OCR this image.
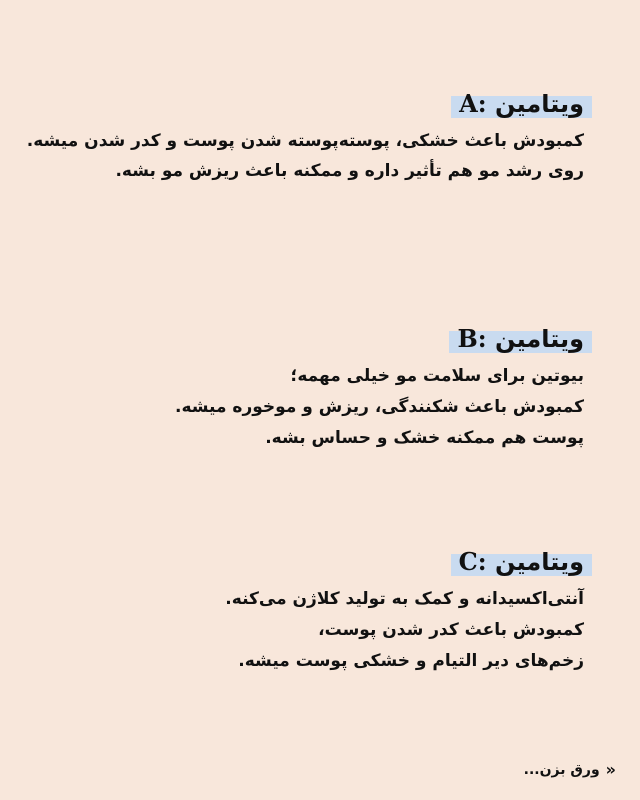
ویتامین A:
کمبودش باعث خشکی، پوسته‌پوسته شدن پوست و کدر شدن میشه.
روی رشد مو هم تأثیر داره و ممکنه باعث ریزش مو بشه.
ویتامین B:
بیوتین برای سلامت مو خیلی مهمه؛
کمبودش باعث شکنندگی، ریزش و موخوره میشه.
پوست هم ممکنه خشک و حساس بشه.
ویتامین C:
آنتی‌اکسیدانه و کمک به تولید کلاژن می‌کنه.
کمبودش باعث کدر شدن پوست،
زخم‌های دیر التیام و خشکی پوست میشه.
«
ورق بزن...
